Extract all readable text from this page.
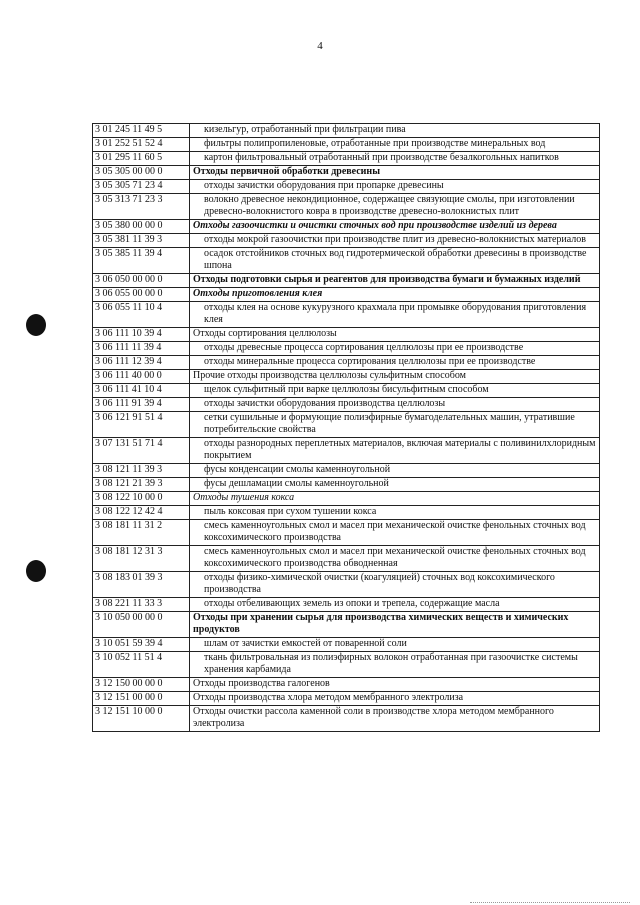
4
3 01 245 11 49 5	кизельгур, отработанный при фильтрации пива
3 01 252 51 52 4	фильтры полипропиленовые, отработанные при производстве минеральных вод
3 01 295 11 60 5	картон фильтровальный отработанный при производстве безалкогольных напитков
3 05 305 00 00 0	Отходы первичной обработки древесины
3 05 305 71 23 4	отходы зачистки оборудования при пропарке древесины
3 05 313 71 23 3	волокно древесное некондиционное, содержащее связующие смолы, при изготовлении древесно-волокнистого ковра в производстве древесно-волокнистых плит
3 05 380 00 00 0	Отходы газоочистки и очистки сточных вод при производстве изделий из дерева
3 05 381 11 39 3	отходы мокрой газоочистки при производстве плит из древесно-волокнистых материалов
3 05 385 11 39 4	осадок отстойников сточных вод гидротермической обработки древесины в производстве шпона
3 06 050 00 00 0	Отходы подготовки сырья и реагентов для производства бумаги и бумажных изделий
3 06 055 00 00 0	Отходы приготовления клея
3 06 055 11 10 4	отходы клея на основе кукурузного крахмала при промывке оборудования приготовления клея
3 06 111 10 39 4	Отходы сортирования целлюлозы
3 06 111 11 39 4	отходы древесные процесса сортирования целлюлозы при ее производстве
3 06 111 12 39 4	отходы минеральные процесса сортирования целлюлозы при ее производстве
3 06 111 40 00 0	Прочие отходы производства целлюлозы сульфитным способом
3 06 111 41 10 4	щелок сульфитный при варке целлюлозы бисульфитным способом
3 06 111 91 39 4	отходы зачистки оборудования производства целлюлозы
3 06 121 91 51 4	сетки сушильные и формующие полиэфирные бумагоделательных машин, утратившие потребительские свойства
3 07 131 51 71 4	отходы разнородных переплетных материалов, включая материалы с поливинилхлоридным покрытием
3 08 121 11 39 3	фусы конденсации смолы каменноугольной
3 08 121 21 39 3	фусы дешламации смолы каменноугольной
3 08 122 10 00 0	Отходы тушения кокса
3 08 122 12 42 4	пыль коксовая при сухом тушении кокса
3 08 181 11 31 2	смесь каменноугольных смол и масел при механической очистке фенольных сточных вод коксохимического производства
3 08 181 12 31 3	смесь каменноугольных смол и масел при механической очистке фенольных сточных вод коксохимического производства обводненная
3 08 183 01 39 3	отходы физико-химической очистки (коагуляцией) сточных вод коксохимического производства
3 08 221 11 33 3	отходы отбеливающих земель из опоки и трепела, содержащие масла
3 10 050 00 00 0	Отходы при хранении сырья для производства химических веществ и химических продуктов
3 10 051 59 39 4	шлам от зачистки емкостей от поваренной соли
3 10 052 11 51 4	ткань фильтровальная из полиэфирных волокон отработанная при газоочистке системы хранения карбамида
3 12 150 00 00 0	Отходы производства галогенов
3 12 151 00 00 0	Отходы производства хлора методом мембранного электролиза
3 12 151 10 00 0	Отходы очистки рассола каменной соли в производстве хлора методом мембранного электролиза
